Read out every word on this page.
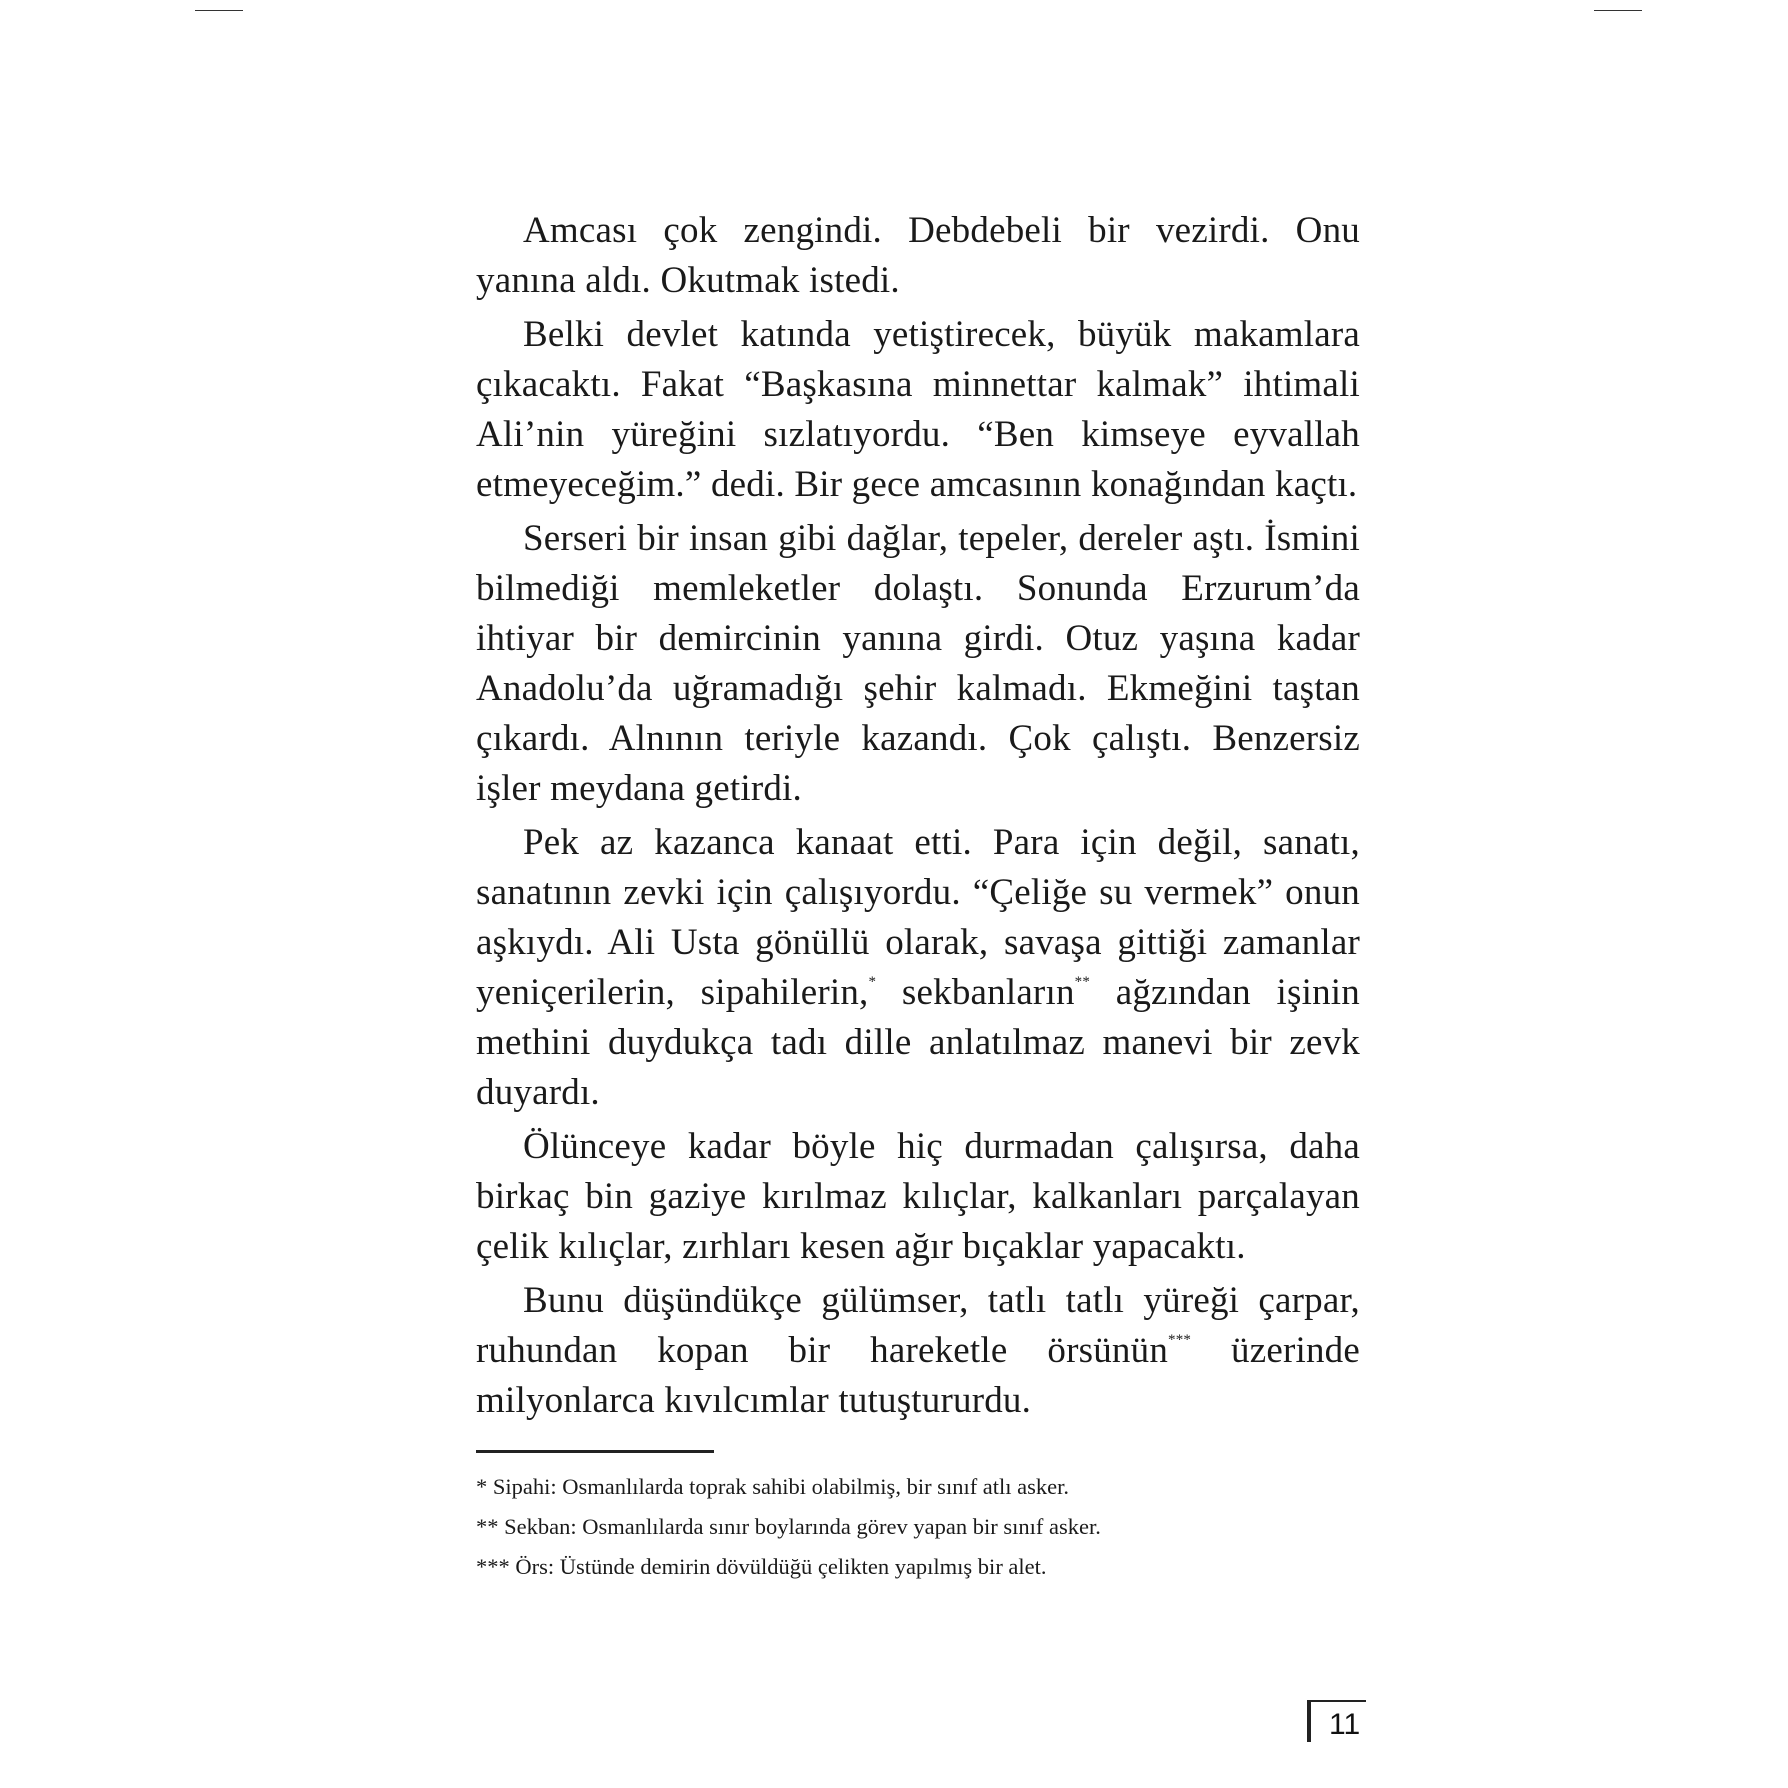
Amcası çok zengindi. Debdebeli bir vezirdi. Onu yanına aldı. Okutmak istedi.

Belki devlet katında yetiştirecek, büyük makamlara çıkacaktı. Fakat “Başkasına minnettar kalmak” ihtimali Ali’nin yüreğini sızlatıyordu. “Ben kimseye eyvallah etmeyeceğim.” dedi. Bir gece amcasının konağından kaçtı.

Serseri bir insan gibi dağlar, tepeler, dereler aştı. İsmini bilmediği memleketler dolaştı. Sonunda Erzurum’da ihtiyar bir demircinin yanına girdi. Otuz yaşına kadar Anadolu’da uğramadığı şehir kalmadı. Ekmeğini taştan çıkardı. Alnının teriyle kazandı. Çok çalıştı. Benzersiz işler meydana getirdi.

Pek az kazanca kanaat etti. Para için değil, sanatı, sanatının zevki için çalışıyordu. “Çeliğe su vermek” onun aşkıydı. Ali Usta gönüllü olarak, savaşa gittiği zamanlar yeniçerilerin, sipahilerin,* sekbanların** ağzından işinin methini duydukça tadı dille anlatılmaz manevi bir zevk duyardı.

Ölünceye kadar böyle hiç durmadan çalışırsa, daha birkaç bin gaziye kırılmaz kılıçlar, kalkanları parçalayan çelik kılıçlar, zırhları kesen ağır bıçaklar yapacaktı.

Bunu düşündükçe gülümser, tatlı tatlı yüreği çarpar, ruhundan kopan bir hareketle örsünün*** üzerinde milyonlarca kıvılcımlar tutuştururdu.

* Sipahi: Osmanlılarda toprak sahibi olabilmiş, bir sınıf atlı asker.

** Sekban: Osmanlılarda sınır boylarında görev yapan bir sınıf asker.

*** Örs: Üstünde demirin dövüldüğü çelikten yapılmış bir alet.

11
